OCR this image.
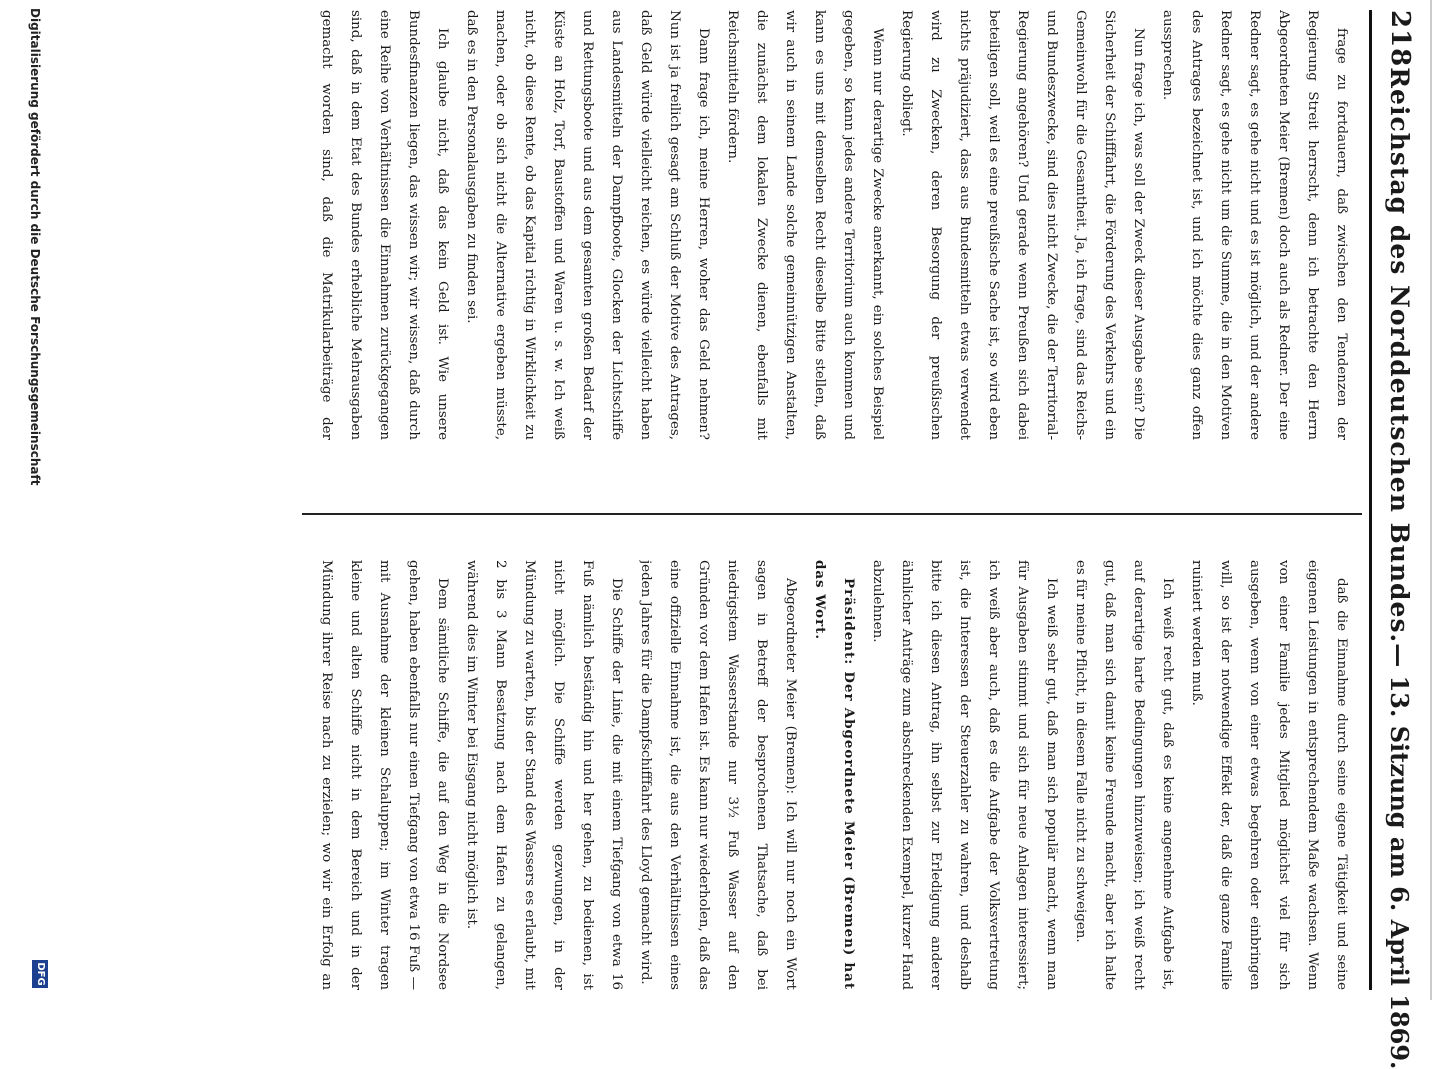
218
Reichstag des Norddeutschen Bundes.
— 13. Sitzung am 6. April 1869.

daß die Einnahme durch seine eigene Tätigkeit und seine eigenen Leistungen in entsprechendem Maße wachsen. Wenn von einer Familie jedes Mitglied möglichst viel für sich ausgeben, wenn von einer etwas begehren oder einbringen will, so ist der notwendige Effekt der, daß die ganze Familie ruiniert werden muß.

Ich weiß recht gut, daß es keine angenehme Aufgabe ist, auf derartige harte Bedingungen hinzuweisen; ich weiß recht gut, daß man sich damit keine Freunde macht, aber ich halte es für meine Pflicht, in diesem Falle nicht zu schweigen.

Ich weiß sehr gut, daß man sich populär macht, wenn man für Ausgaben stimmt und sich für neue Anlagen interessiert; ich weiß aber auch, daß es die Aufgabe der Volksvertretung ist, die Interessen der Steuerzahler zu wahren, und deshalb bitte ich diesen Antrag, ihn selbst zur Erledigung anderer ähnlicher Anträge zum abschreckenden Exempel, kurzer Hand abzulehnen.

Präsident: Der Abgeordnete Meier (Bremen) hat das Wort.

Abgeordneter Meier (Bremen): Ich will nur noch ein Wort sagen in Betreff der besprochenen Thatsache, daß bei niedrigstem Wasserstande nur 3½ Fuß Wasser auf den Gründen vor dem Hafen ist. Es kann nur wiederholen, daß das eine offizielle Einnahme ist, die aus den Verhältnissen eines jeden Jahres für die Dampfschifffahrt des Lloyd gemacht wird.

Die Schiffe der Linie, die mit einem Tiefgang von etwa 16 Fuß nämlich beständig hin und her gehen, zu bedienen, ist nicht möglich. Die Schiffe werden gezwungen, in der Mündung zu warten, bis der Stand des Wassers es erlaubt, mit 2 bis 3 Mann Besatzung nach dem Hafen zu gelangen, während dies im Winter bei Eisgang nicht möglich ist.

Dem sämtliche Schiffe, die auf den Weg in die Nordsee gehen, haben ebenfalls nur einen Tiefgang von etwa 16 Fuß — mit Ausnahme der kleinen Schaluppen; im Winter tragen kleine und alten Schiffe nicht in dem Bereich und in der Mündung ihrer Reise nach zu erzielen; wo wir ein Erfolg an

frage zu fortdauern, daß zwischen den Tendenzen der Regierung Streit herrscht, denn ich betrachte den Herrn Abgeordneten Meier (Bremen) doch auch als Redner. Der eine Redner sagt, es gehe nicht und es ist möglich, und der andere Redner sagt, es gehe nicht um die Summe, die in den Motiven des Antrages bezeichnet ist, und ich möchte dies ganz offen aussprechen.

Nun frage ich, was soll der Zweck dieser Ausgabe sein? Die Sicherheit der Schifffahrt, die Förderung des Verkehrs und ein Gemeinwohl für die Gesamtheit. Ja, ich frage, sind das Reichs- und Bundeszwecke, sind dies nicht Zwecke, die der Territorial-Regierung angehören? Und gerade wenn Preußen sich dabei beteiligen soll, weil es eine preußische Sache ist, so wird eben nichts präjudiziert, dass aus Bundesmitteln etwas verwendet wird zu Zwecken, deren Besorgung der preußischen Regierung obliegt.

Wenn nur derartige Zwecke anerkannt, ein solches Beispiel gegeben, so kann jedes andere Territorium auch kommen und kann es uns mit demselben Recht dieselbe Bitte stellen, daß wir auch in seinem Lande solche gemeinnützigen Anstalten, die zunächst dem lokalen Zwecke dienen, ebenfalls mit Reichsmitteln fördern.

Dann frage ich, meine Herren, woher das Geld nehmen? Nun ist ja freilich gesagt am Schluß der Motive des Antrages, daß Geld würde vielleicht reichen, es würde vielleicht haben aus Landesmitteln der Dampfboote, Glocken der Lichtschiffe und Rettungsboote und aus dem gesamten großen Bedarf der Küste an Holz, Torf, Baustoffen und Waren u. s. w. Ich weiß nicht, ob diese Rente, ob das Kapital richtig in Wirklichkeit zu machen, oder ob sich nicht die Alternative ergeben müsste, daß es in den Personalausgaben zu finden sei.

Ich glaube nicht, daß das kein Geld ist. Wie unsere Bundesfinanzen liegen, das wissen wir; wir wissen, daß durch eine Reihe von Verhältnissen die Einnahmen zurückgegangen sind, daß in dem Etat des Bundes erhebliche Mehrausgaben gemacht worden sind, daß die Matrikularbeiträge der

Digitalisierung gefördert durch die Deutsche Forschungsgemeinschaft
DFG
